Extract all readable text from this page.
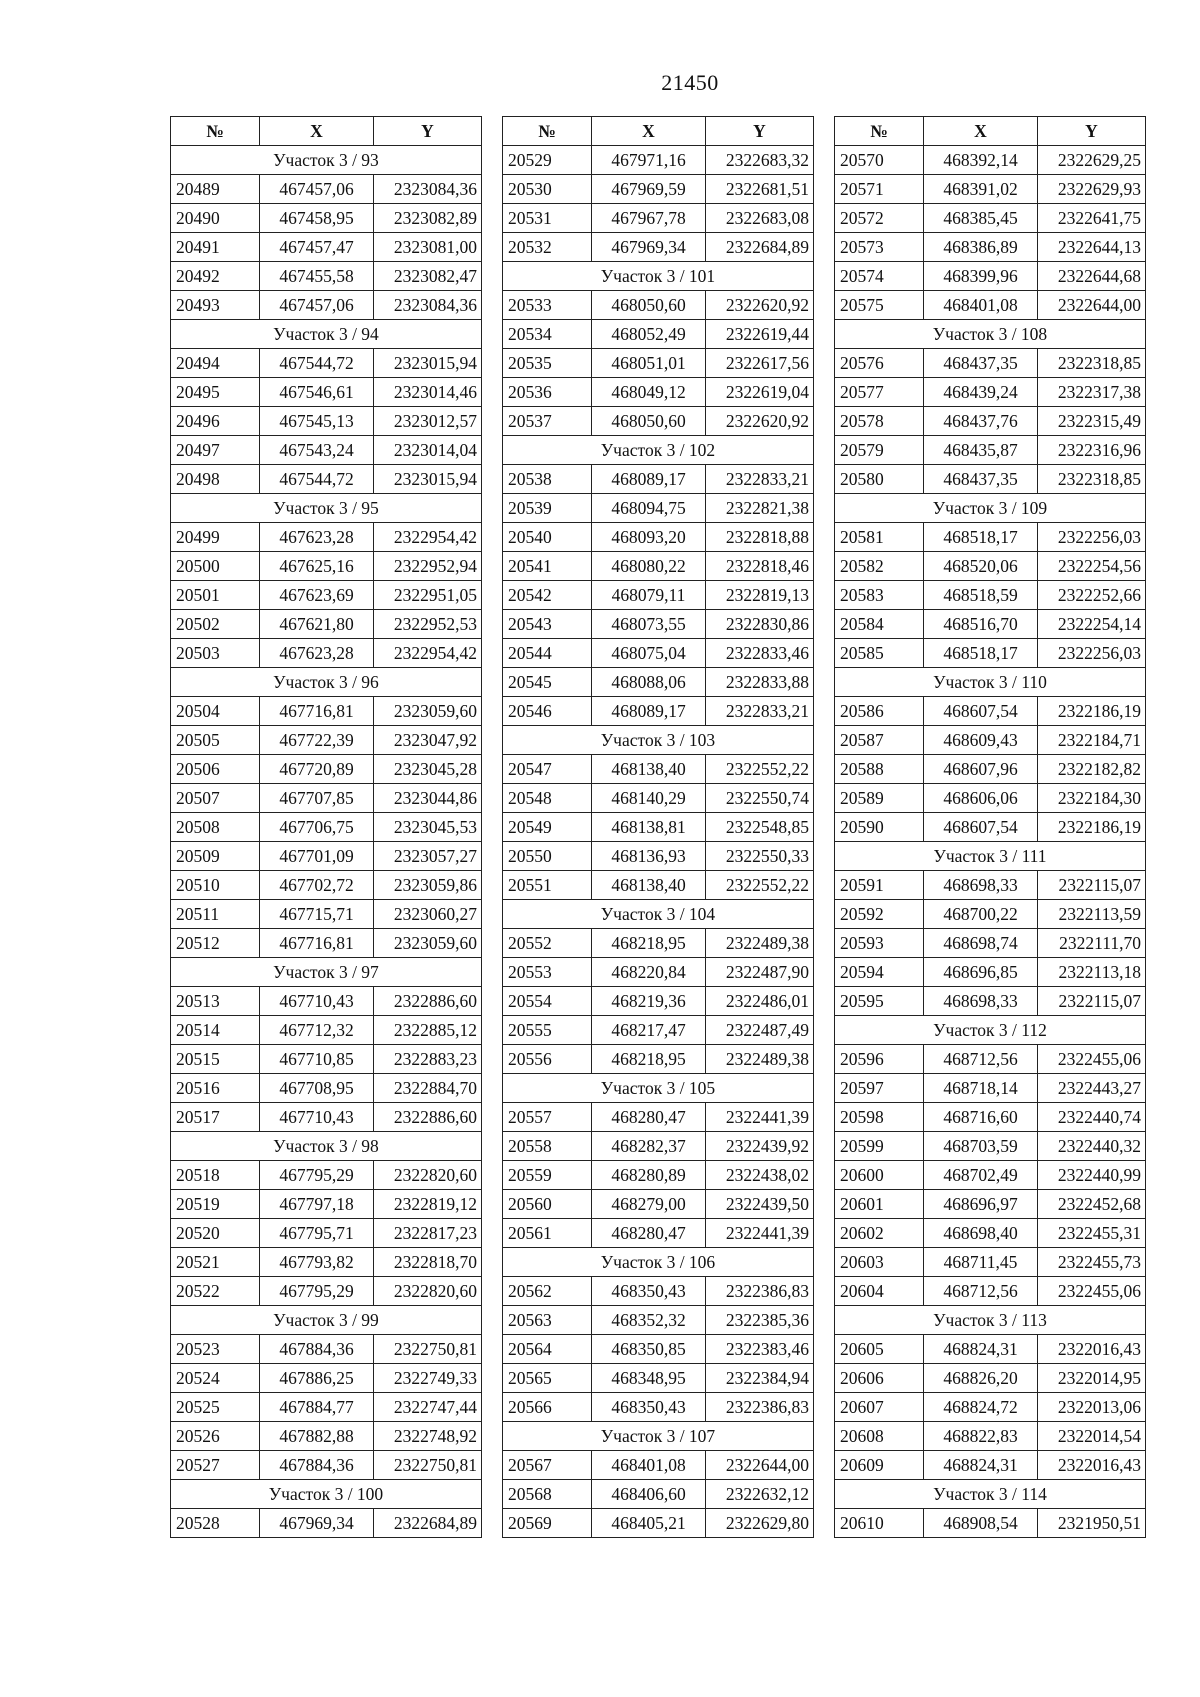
21450
№	X	Y
Участок 3 / 93		
20489	467457,06	2323084,36
20490	467458,95	2323082,89
20491	467457,47	2323081,00
20492	467455,58	2323082,47
20493	467457,06	2323084,36
Участок 3 / 94		
20494	467544,72	2323015,94
20495	467546,61	2323014,46
20496	467545,13	2323012,57
20497	467543,24	2323014,04
20498	467544,72	2323015,94
Участок 3 / 95		
20499	467623,28	2322954,42
20500	467625,16	2322952,94
20501	467623,69	2322951,05
20502	467621,80	2322952,53
20503	467623,28	2322954,42
Участок 3 / 96		
20504	467716,81	2323059,60
20505	467722,39	2323047,92
20506	467720,89	2323045,28
20507	467707,85	2323044,86
20508	467706,75	2323045,53
20509	467701,09	2323057,27
20510	467702,72	2323059,86
20511	467715,71	2323060,27
20512	467716,81	2323059,60
Участок 3 / 97		
20513	467710,43	2322886,60
20514	467712,32	2322885,12
20515	467710,85	2322883,23
20516	467708,95	2322884,70
20517	467710,43	2322886,60
Участок 3 / 98		
20518	467795,29	2322820,60
20519	467797,18	2322819,12
20520	467795,71	2322817,23
20521	467793,82	2322818,70
20522	467795,29	2322820,60
Участок 3 / 99		
20523	467884,36	2322750,81
20524	467886,25	2322749,33
20525	467884,77	2322747,44
20526	467882,88	2322748,92
20527	467884,36	2322750,81
Участок 3 / 100		
20528	467969,34	2322684,89
№	X	Y
20529	467971,16	2322683,32
20530	467969,59	2322681,51
20531	467967,78	2322683,08
20532	467969,34	2322684,89
Участок 3 / 101		
20533	468050,60	2322620,92
20534	468052,49	2322619,44
20535	468051,01	2322617,56
20536	468049,12	2322619,04
20537	468050,60	2322620,92
Участок 3 / 102		
20538	468089,17	2322833,21
20539	468094,75	2322821,38
20540	468093,20	2322818,88
20541	468080,22	2322818,46
20542	468079,11	2322819,13
20543	468073,55	2322830,86
20544	468075,04	2322833,46
20545	468088,06	2322833,88
20546	468089,17	2322833,21
Участок 3 / 103		
20547	468138,40	2322552,22
20548	468140,29	2322550,74
20549	468138,81	2322548,85
20550	468136,93	2322550,33
20551	468138,40	2322552,22
Участок 3 / 104		
20552	468218,95	2322489,38
20553	468220,84	2322487,90
20554	468219,36	2322486,01
20555	468217,47	2322487,49
20556	468218,95	2322489,38
Участок 3 / 105		
20557	468280,47	2322441,39
20558	468282,37	2322439,92
20559	468280,89	2322438,02
20560	468279,00	2322439,50
20561	468280,47	2322441,39
Участок 3 / 106		
20562	468350,43	2322386,83
20563	468352,32	2322385,36
20564	468350,85	2322383,46
20565	468348,95	2322384,94
20566	468350,43	2322386,83
Участок 3 / 107		
20567	468401,08	2322644,00
20568	468406,60	2322632,12
20569	468405,21	2322629,80
№	X	Y
20570	468392,14	2322629,25
20571	468391,02	2322629,93
20572	468385,45	2322641,75
20573	468386,89	2322644,13
20574	468399,96	2322644,68
20575	468401,08	2322644,00
Участок 3 / 108		
20576	468437,35	2322318,85
20577	468439,24	2322317,38
20578	468437,76	2322315,49
20579	468435,87	2322316,96
20580	468437,35	2322318,85
Участок 3 / 109		
20581	468518,17	2322256,03
20582	468520,06	2322254,56
20583	468518,59	2322252,66
20584	468516,70	2322254,14
20585	468518,17	2322256,03
Участок 3 / 110		
20586	468607,54	2322186,19
20587	468609,43	2322184,71
20588	468607,96	2322182,82
20589	468606,06	2322184,30
20590	468607,54	2322186,19
Участок 3 / 111		
20591	468698,33	2322115,07
20592	468700,22	2322113,59
20593	468698,74	2322111,70
20594	468696,85	2322113,18
20595	468698,33	2322115,07
Участок 3 / 112		
20596	468712,56	2322455,06
20597	468718,14	2322443,27
20598	468716,60	2322440,74
20599	468703,59	2322440,32
20600	468702,49	2322440,99
20601	468696,97	2322452,68
20602	468698,40	2322455,31
20603	468711,45	2322455,73
20604	468712,56	2322455,06
Участок 3 / 113		
20605	468824,31	2322016,43
20606	468826,20	2322014,95
20607	468824,72	2322013,06
20608	468822,83	2322014,54
20609	468824,31	2322016,43
Участок 3 / 114		
20610	468908,54	2321950,51
